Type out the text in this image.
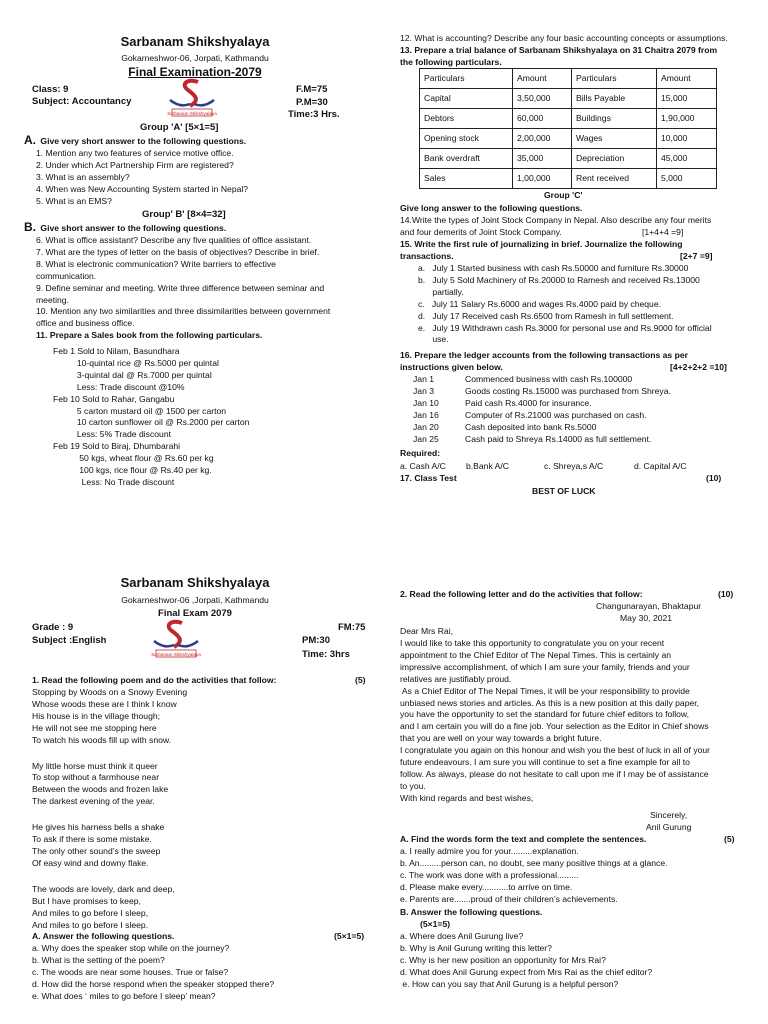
Sarbanam Shikshyalaya
Gokarneshwor-06, Jorpati, Kathmandu
Final Examination-2079
Class: 9
Subject: Accountancy
F.M=75
P.M=30
Time:3 Hrs.
Sarbanam Shikshyalaya
Group 'A' [5×1=5]
A. Give very short answer to the following questions.
1. Mention any two features of service motive office.
2. Under which Act Partnership Firm are registered?
3. What is an assembly?
4. When was New Accounting System started in Nepal?
5. What is an EMS?
Group' B' [8×4=32]
B. Give short answer to the following questions.
6. What is office assistant? Describe any five qualities of office assistant.
7. What are the types of letter on the basis of objectives? Describe in brief.
8. What is electronic communication? Write barriers to effective
communication.
9. Define seminar and meeting. Write three difference between seminar and
meeting.
10. Mention any two similarities and three dissimilarities between government
office and business office.
11. Prepare a Sales book from the following particulars.
Feb 1 Sold to Nilam, Basundhara
10-quintal rice @ Rs.5000 per quintal
3-quintal dal @ Rs.7000 per quintal
Less: Trade discount @10%
Feb 10 Sold to Rahar, Gangabu
5 carton mustard oil @ 1500 per carton
10 carton sunflower oil @ Rs.2000 per carton
Less: 5% Trade discount
Feb 19 Sold to Biraj, Dhumbarahi
50 kgs, wheat flour @ Rs.60 per kg
100 kgs, rice flour @ Rs.40 per kg.
Less: No Trade discount
12. What is accounting? Describe any four basic accounting concepts or assumptions.
13. Prepare a trial balance of Sarbanam Shikshyalaya on 31 Chaitra 2079 from
the following particulars.
Particulars	Amount	Particulars	Amount
Capital	3,50,000	Bills Payable	15,000
Debtors	60,000	Buildings	1,90,000
Opening stock	2,00,000	Wages	10,000
Bank overdraft	35,000	Depreciation	45,000
Sales	1,00,000	Rent received	5,000
Group 'C'
Give long answer to the following questions.
14.Write the types of Joint Stock Company in Nepal. Also describe any four merits
and four demerits of Joint Stock Company.	[1+4+4 =9]
15. Write the first rule of journalizing in brief. Journalize the following
transactions.	[2+7 =9]
a.   July 1 Started business with cash Rs.50000 and furniture Rs.30000
b.   July 5 Sold Machinery of Rs.20000 to Ramesh and received Rs.13000
partially.
c.   July 11 Salary Rs.6000 and wages Rs.4000 paid by cheque.
d.   July 17 Received cash Rs.6500 from Ramesh in full settlement.
e.   July 19 Withdrawn cash Rs.3000 for personal use and Rs.9000 for official
use.
16. Prepare the ledger accounts from the following transactions as per
instructions given below.	[4+2+2+2 =10]
Jan 1	Commenced business with cash Rs.100000
Jan 3	Goods costing Rs.15000 was purchased from Shreya.
Jan 10	Paid cash Rs.4000 for insurance.
Jan 16	Computer of Rs.21000 was purchased on cash.
Jan 20	Cash deposited into bank Rs.5000
Jan 25	Cash paid to Shreya Rs.14000 as full settlement.
Required:
a. Cash A/C b.Bank A/C	c. Shreya,s A/C	d. Capital A/C
17. Class Test	(10)
BEST OF LUCK
Sarbanam Shikshyalaya
Gokarneshwor-06 ,Jorpati, Kathmandu
Final Exam 2079
Grade : 9
Subject :English
FM:75
PM:30
Time: 3hrs
Sarbanam Shikshyalaya
1. Read the following poem and do the activities that follow:	(5)
Stopping by Woods on a Snowy Evening
Whose woods these are I think I know
His house is in the village though;
He will not see me stopping here
To watch his woods fill up with snow.
My little horse must think it queer
To stop without a farmhouse near
Between the woods and frozen lake
The darkest evening of the year.
He gives his harness bells a shake
To ask if there is some mistake.
The only other sound’s the sweep
Of easy wind and downy flake.
The woods are lovely, dark and deep,
But I have promises to keep,
And miles to go before I sleep,
And miles to go before I sleep.
A. Answer the following questions.	(5×1=5)
a. Why does the speaker stop while on the journey?
b. What is the setting of the poem?
c. The woods are near some houses. True or false?
d. How did the horse respond when the speaker stopped there?
e. What does ‘ miles to go before I sleep’ mean?
2. Read the following letter and do the activities that follow:	(10)
Changunarayan, Bhaktapur
May 30, 2021
Dear Mrs Rai,
I would like to take this opportunity to congratulate you on your recent
appointment to the Chief Editor of The Nepal Times. This is certainly an
impressive accomplishment, of which I am sure your family, friends and your
relatives are justifiably proud.
As a Chief Editor of The Nepal Times, it will be your responsibility to provide
unbiased news stories and articles. As this is a new position at this daily paper,
you have the opportunity to set the standard for future chief editors to follow,
and I am certain you will do a fine job. Your selection as the Editor in Chief shows
that you are well on your way towards a bright future.
I congratulate you again on this honour and wish you the best of luck in all of your
future endeavours. I am sure you will continue to set a fine example for all to
follow. As always, please do not hesitate to call upon me if I may be of assistance
to you.
With kind regards and best wishes,
Sincerely,
Anil Gurung
A. Find the words form the text and complete the sentences.	(5)
a. I really admire you for your.........explanation.
b. An.........person can, no doubt, see many positive things at a glance.
c. The work was done with a professional.........
d. Please make every...........to arrive on time.
e. Parents are.......proud of their children’s achievements.
B. Answer the following questions.
(5×1=5)
a. Where does Anil Gurung live?
b. Why is Anil Gurung writing this letter?
c. Why is her new position an opportunity for Mrs Rai?
d. What does Anil Gurung expect from Mrs Rai as the chief editor?
e. How can you say that Anil Gurung is a helpful person?
